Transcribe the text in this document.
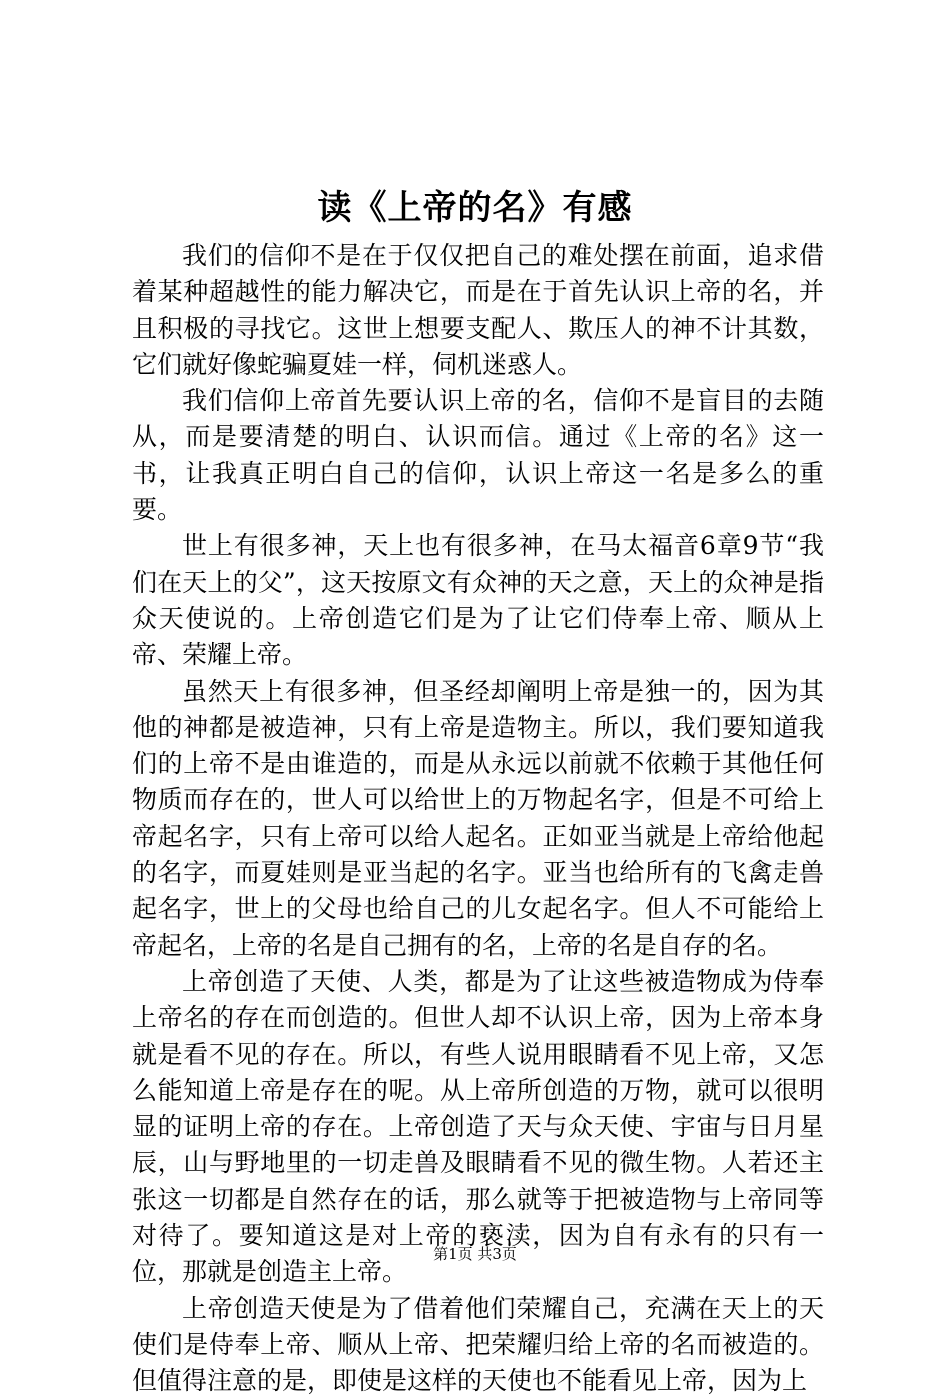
读《上帝的名》有感

我们的信仰不是在于仅仅把自己的难处摆在前面，追求借着某种超越性的能力解决它，而是在于首先认识上帝的名，并且积极的寻找它。这世上想要支配人、欺压人的神不计其数，它们就好像蛇骗夏娃一样，伺机迷惑人。

我们信仰上帝首先要认识上帝的名，信仰不是盲目的去随从，而是要清楚的明白、认识而信。通过《上帝的名》这一书，让我真正明白自己的信仰，认识上帝这一名是多么的重要。

世上有很多神，天上也有很多神，在马太福音6章9节“我们在天上的父”，这天按原文有众神的天之意，天上的众神是指众天使说的。上帝创造它们是为了让它们侍奉上帝、顺从上帝、荣耀上帝。

虽然天上有很多神，但圣经却阐明上帝是独一的，因为其他的神都是被造神，只有上帝是造物主。所以，我们要知道我们的上帝不是由谁造的，而是从永远以前就不依赖于其他任何物质而存在的，世人可以给世上的万物起名字，但是不可给上帝起名字，只有上帝可以给人起名。正如亚当就是上帝给他起的名字，而夏娃则是亚当起的名字。亚当也给所有的飞禽走兽起名字，世上的父母也给自己的儿女起名字。但人不可能给上帝起名，上帝的名是自己拥有的名，上帝的名是自存的名。

上帝创造了天使、人类，都是为了让这些被造物成为侍奉上帝名的存在而创造的。但世人却不认识上帝，因为上帝本身就是看不见的存在。所以，有些人说用眼睛看不见上帝，又怎么能知道上帝是存在的呢。从上帝所创造的万物，就可以很明显的证明上帝的存在。上帝创造了天与众天使、宇宙与日月星辰，山与野地里的一切走兽及眼睛看不见的微生物。人若还主张这一切都是自然存在的话，那么就等于把被造物与上帝同等对待了。要知道这是对上帝的亵渎，因为自有永有的只有一位，那就是创造主上帝。

上帝创造天使是为了借着他们荣耀自己，充满在天上的天使们是侍奉上帝、顺从上帝、把荣耀归给上帝的名而被造的。但值得注意的是，即使是这样的天使也不能看见上帝，因为上

第1页 共3页
